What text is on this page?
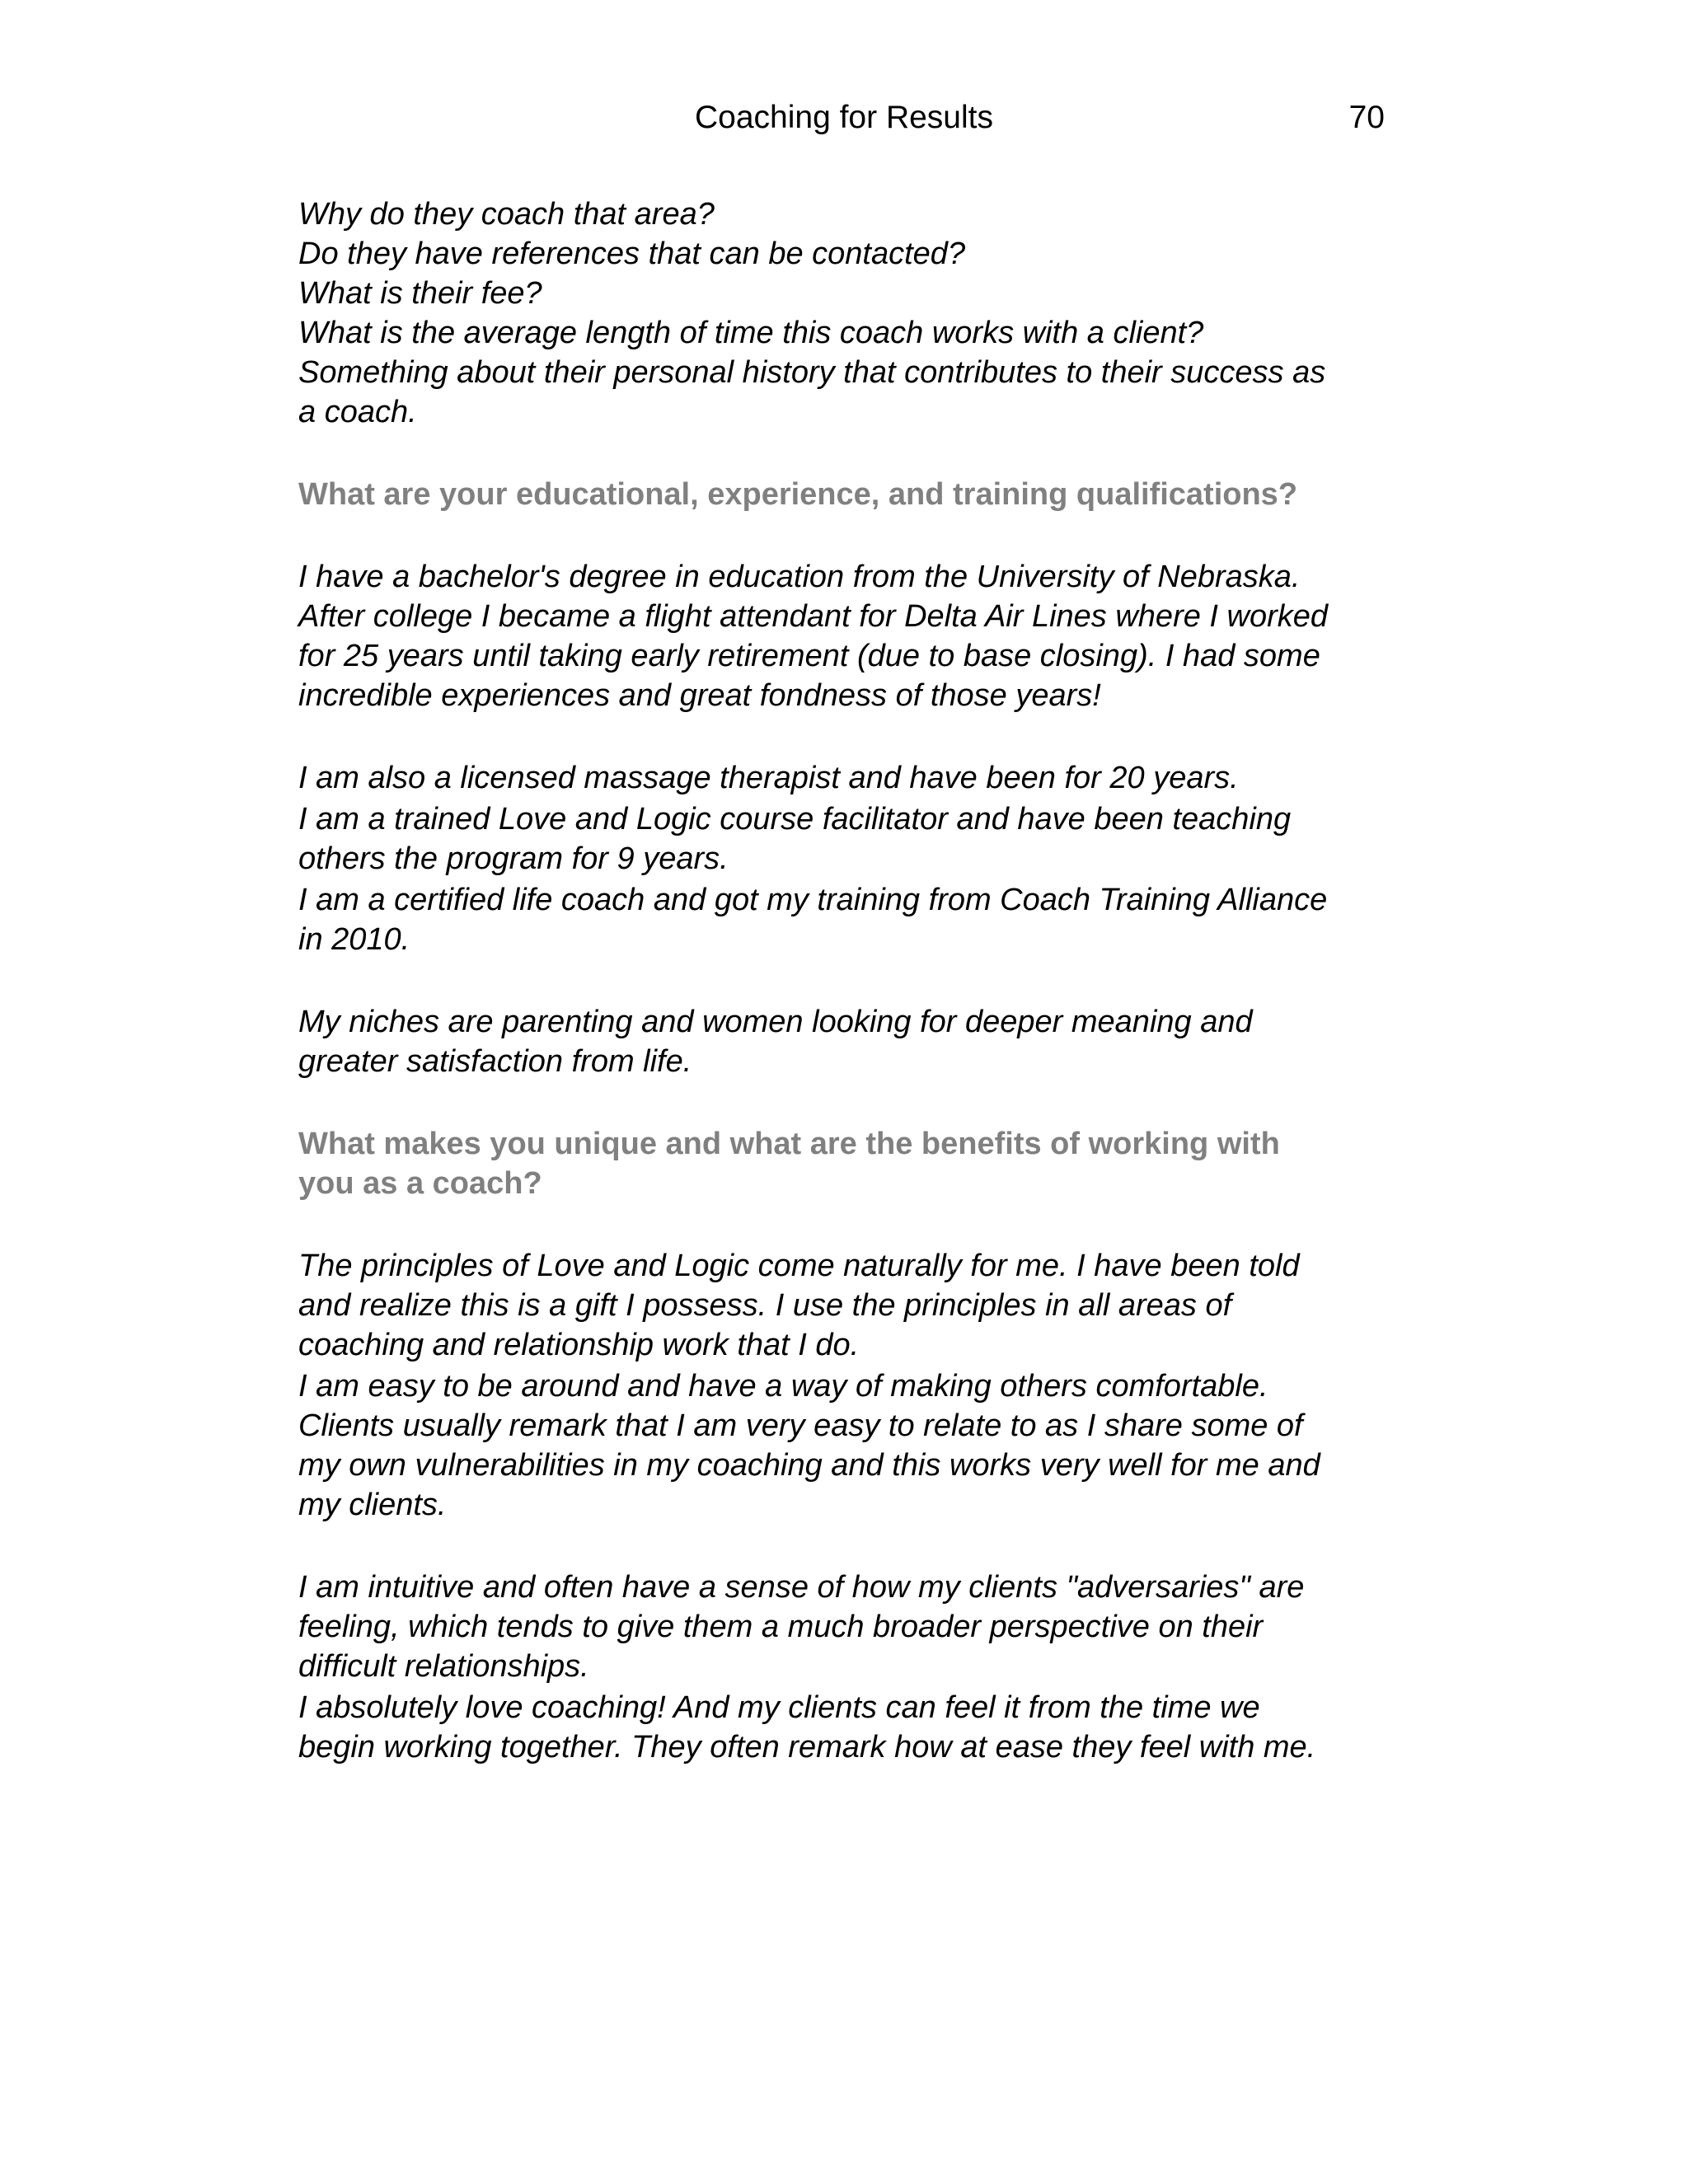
Coaching for Results	70
Why do they coach that area?
Do they have references that can be contacted?
What is their fee?
What is the average length of time this coach works with a client?
Something about their personal history that contributes to their success as
a coach.
What are your educational, experience, and training qualifications?
I have a bachelor's degree in education from the University of Nebraska.
After college I became a flight attendant for Delta Air Lines where I worked
for 25 years until taking early retirement (due to base closing). I had some
incredible experiences and great fondness of those years!
I am also a licensed massage therapist and have been for 20 years.
I am a trained Love and Logic course facilitator and have been teaching
others the program for 9 years.
I am a certified life coach and got my training from Coach Training Alliance
in 2010.
My niches are parenting and women looking for deeper meaning and
greater satisfaction from life.
What makes you unique and what are the benefits of working with
you as a coach?
The principles of Love and Logic come naturally for me. I have been told
and realize this is a gift I possess. I use the principles in all areas of
coaching and relationship work that I do.
I am easy to be around and have a way of making others comfortable.
Clients usually remark that I am very easy to relate to as I share some of
my own vulnerabilities in my coaching and this works very well for me and
my clients.
I am intuitive and often have a sense of how my clients "adversaries" are
feeling, which tends to give them a much broader perspective on their
difficult relationships.
I absolutely love coaching! And my clients can feel it from the time we
begin working together. They often remark how at ease they feel with me.
